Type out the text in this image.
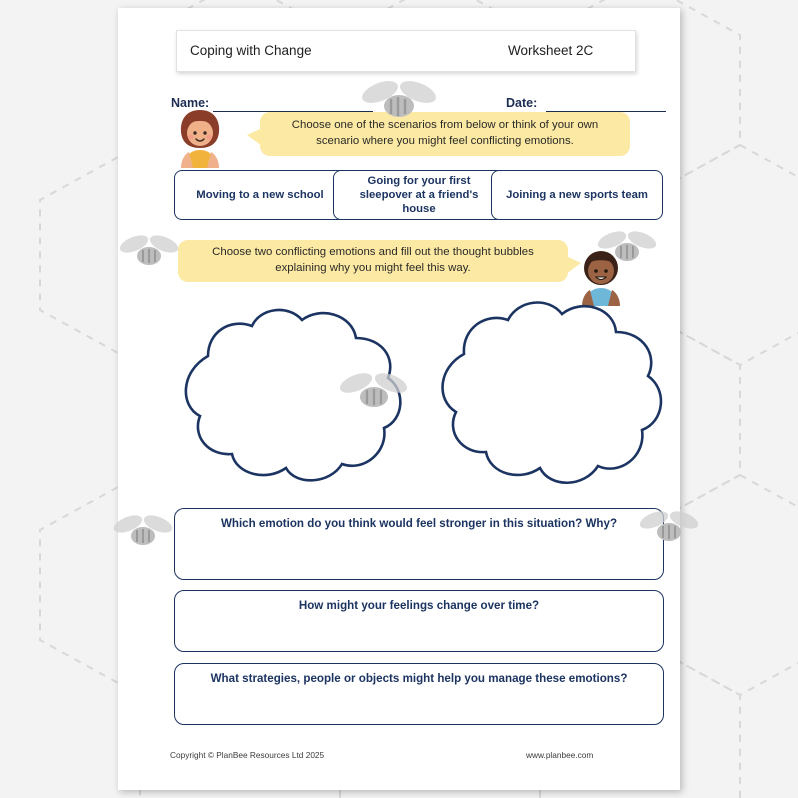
Coping with Change	Worksheet 2C
Name:	Date:
Choose one of the scenarios from below or think of your own scenario where you might feel conflicting emotions.
Moving to a new school
Going for your first sleepover at a friend's house
Joining a new sports team
Choose two conflicting emotions and fill out the thought bubbles explaining why you might feel this way.
Which emotion do you think would feel stronger in this situation? Why?
How might your feelings change over time?
What strategies, people or objects might help you manage these emotions?
Copyright © PlanBee Resources Ltd 2025	www.planbee.com
